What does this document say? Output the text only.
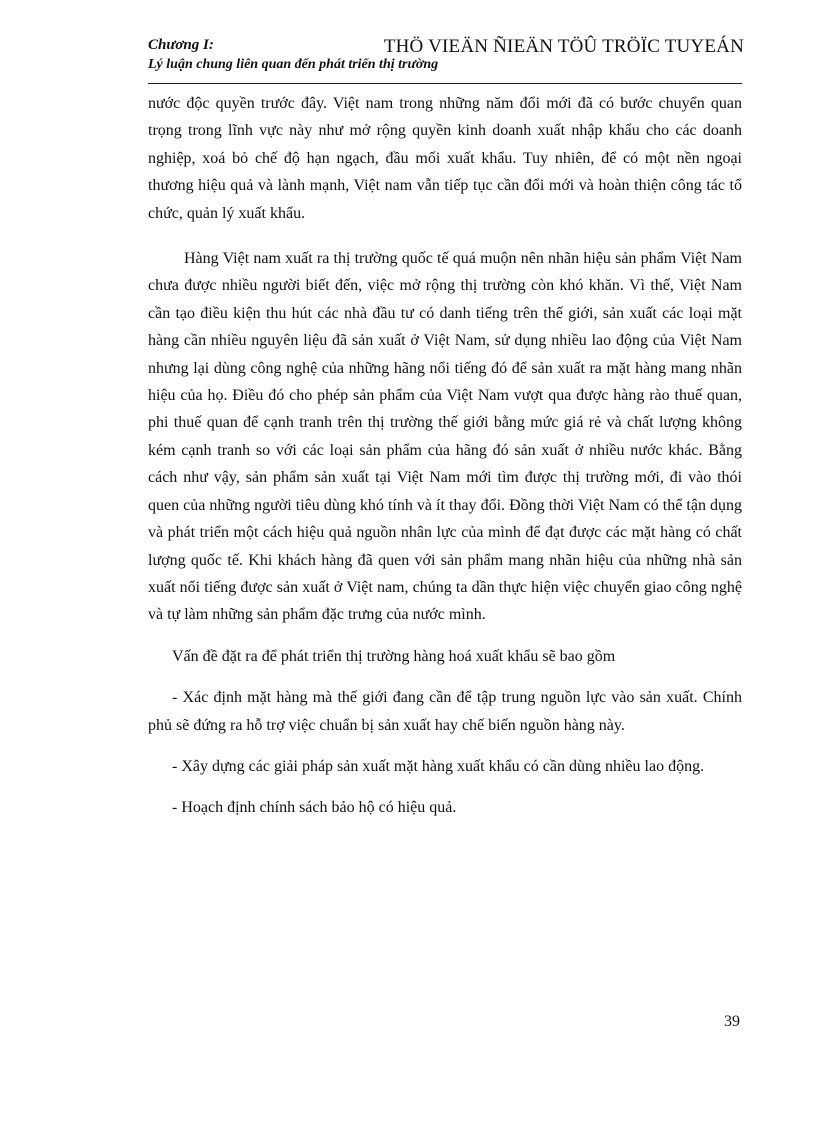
Chương I:
Lý luận chung liên quan đến phát triển thị trường
THÖ VIEÄN ÑIEÄN TÖÛ TRÖÏC TUYEÁN

nước độc quyền trước đây. Việt nam trong những năm đổi mới đã có bước chuyển quan trọng trong lĩnh vực này như mở rộng quyền kinh doanh xuất nhập khẩu cho các doanh nghiệp, xoá bỏ chế độ hạn ngạch, đầu mối xuất khẩu. Tuy nhiên, để có một nền ngoại thương hiệu quả và lành mạnh, Việt nam vẫn tiếp tục cần đổi mới và hoàn thiện công tác tổ chức, quản lý xuất khẩu.

Hàng Việt nam xuất ra thị trường quốc tế quá muộn nên nhãn hiệu sản phẩm Việt Nam chưa được nhiều người biết đến, việc mở rộng thị trường còn khó khăn. Vì thế, Việt Nam cần tạo điều kiện thu hút các nhà đầu tư có danh tiếng trên thế giới, sản xuất các loại mặt hàng cần nhiều nguyên liệu đã sản xuất ở Việt Nam, sử dụng nhiều lao động của Việt Nam nhưng lại dùng công nghệ của những hãng nổi tiếng đó để sản xuất ra mặt hàng mang nhãn hiệu của họ. Điều đó cho phép sản phẩm của Việt Nam vượt qua được hàng rào thuế quan, phi thuế quan để cạnh tranh trên thị trường thế giới bằng mức giá rẻ và chất lượng không kém cạnh tranh so với các loại sản phẩm của hãng đó sản xuất ở nhiều nước khác. Bằng cách như vậy, sản phẩm sản xuất tại Việt Nam mới tìm được thị trường mới, đi vào thói quen của những người tiêu dùng khó tính và ít thay đổi. Đồng thời Việt Nam có thể tận dụng và phát triển một cách hiệu quả nguồn nhân lực của mình để đạt được các mặt hàng có chất lượng quốc tế. Khi khách hàng đã quen với sản phẩm mang nhãn hiệu của những nhà sản xuất nổi tiếng được sản xuất ở Việt nam, chúng ta dần thực hiện việc chuyển giao công nghệ và tự làm những sản phẩm đặc trưng của nước mình.

Vấn đề đặt ra để phát triển thị trường hàng hoá xuất khẩu sẽ bao gồm

- Xác định mặt hàng mà thế giới đang cần để tập trung nguồn lực vào sản xuất. Chính phủ sẽ đứng ra hỗ trợ việc chuẩn bị sản xuất hay chế biến nguồn hàng này.

- Xây dựng các giải pháp sản xuất mặt hàng xuất khẩu có cần dùng nhiều lao động.

- Hoạch định chính sách bảo hộ có hiệu quả.

39
